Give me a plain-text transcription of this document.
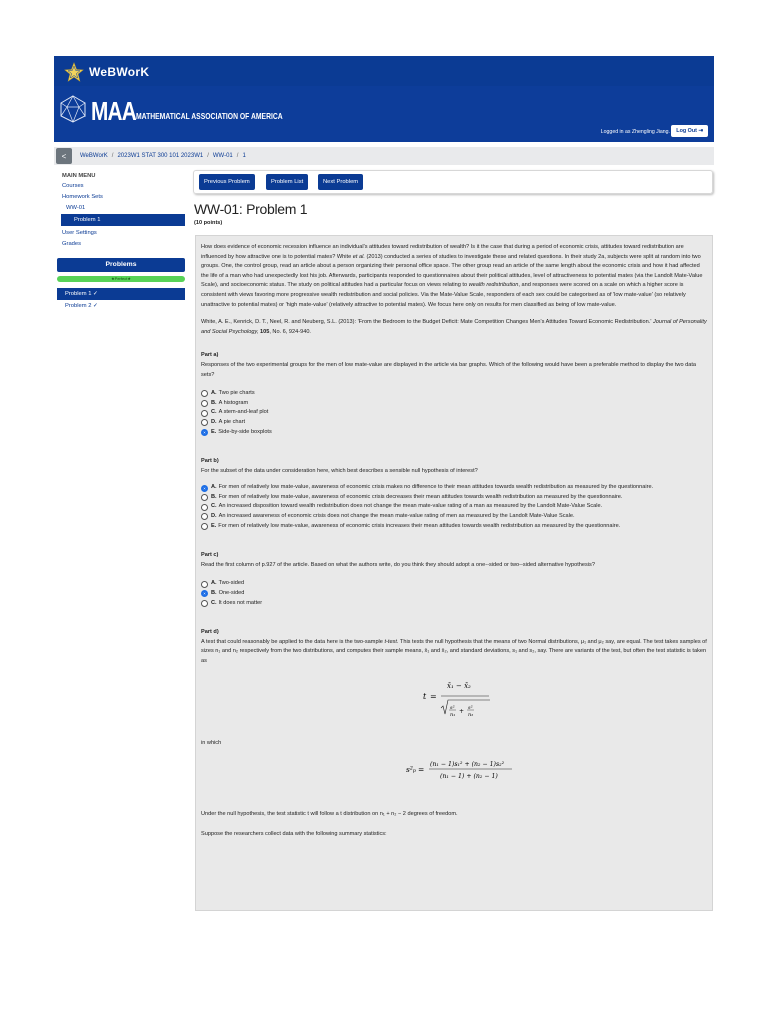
WeBWorK
MAA MATHEMATICAL ASSOCIATION OF AMERICA
Logged in as Zhengling Jiang.	Log Out ⇥
< WeBWorK / 2023W1 STAT 300 101 2023W1 / WW-01 / 1
MAIN MENU
Courses
Homework Sets
WW-01
Problem 1
User Settings
Grades
Problems
★Perfect★
Problem 1 ✓
Problem 2 ✓
Previous Problem	Problem List	Next Problem
WW-01: Problem 1
(10 points)

How does evidence of economic recession influence an individual's attitudes toward redistribution of wealth? Is it the case that during a period of economic crisis, attitudes toward redistribution are influenced by how attractive one is to potential mates? White et al. (2013) conducted a series of studies to investigate these and related questions. In their study 2a, subjects were split at random into two groups. One, the control group, read an article about a person organizing their personal office space. The other group read an article of the same length about the economic crisis and how it had affected the life of a man who had unexpectedly lost his job. Afterwards, participants responded to questionnaires about their political attitudes, level of attractiveness to potential mates (via the Landolt Mate-Value Scale), and socioeconomic status. The study on political attitudes had a particular focus on views relating to wealth redistribution, and responses were scored on a scale on which a higher score is consistent with views favoring more progressive wealth redistribution and social policies. Via the Mate-Value Scale, responders of each sex could be categorised as of 'low mate-value' (so relatively unattractive to potential mates) or 'high mate-value' (relatively attractive to potential mates). We focus here only on results for men classified as being of low mate-value.

White, A. E., Kenrick, D. T., Neel, R. and Neuberg, S.L. (2013): 'From the Bedroom to the Budget Deficit: Mate Competition Changes Men's Attitudes Toward Economic Redistribution.' Journal of Personality and Social Psychology, 105, No. 6, 924-940.

Part a)

Responses of the two experimental groups for the men of low mate-value are displayed in the article via bar graphs. Which of the following would have been a preferable method to display the two data sets?

A. Two pie charts
B. A histogram
C. A stem-and-leaf plot
D. A pie chart
E. Side-by-side boxplots
Part b)

For the subset of the data under consideration here, which best describes a sensible null hypothesis of interest?

A. For men of relatively low mate-value, awareness of economic crisis makes no difference to their mean attitudes towards wealth redistribution as measured by the questionnaire.
B. For men of relatively low mate-value, awareness of economic crisis decreases their mean attitudes towards wealth redistribution as measured by the questionnaire.
C. An increased disposition toward wealth redistribution does not change the mean mate-value rating of a man as measured by the Landolt Mate-Value Scale.
D. An increased awareness of economic crisis does not change the mean mate-value rating of men as measured by the Landolt Mate-Value Scale.
E. For men of relatively low mate-value, awareness of economic crisis increases their mean attitudes towards wealth redistribution as measured by the questionnaire.
Part c)

Read the first column of p.927 of the article. Based on what the authors write, do you think they should adopt a one--sided or two--sided alternative hypothesis?

A. Two-sided
B. One-sided
C. It does not matter
Part d)

A test that could reasonably be applied to the data here is the two-sample t-test. This tests the null hypothesis that the means of two Normal distributions, μ₁ and μ₂ say, are equal. The test takes samples of sizes n₁ and n₂ respectively from the two distributions, and computes their sample means, x̄₁ and x̄₂, and standard deviations, s₁ and s₂, say. There are variants of the test, but often the test statistic is taken as

t =
x̄₁ − x̄₂
s²
n₁ + s²
n₂

in which

s²ₚ =
(n₁ − 1)s₁² + (n₂ − 1)s₂²
(n₁ − 1) + (n₂ − 1)

Under the null hypothesis, the test statistic t will follow a t distribution on n₁ + n₂ − 2 degrees of freedom.

Suppose the researchers collect data with the following summary statistics:
